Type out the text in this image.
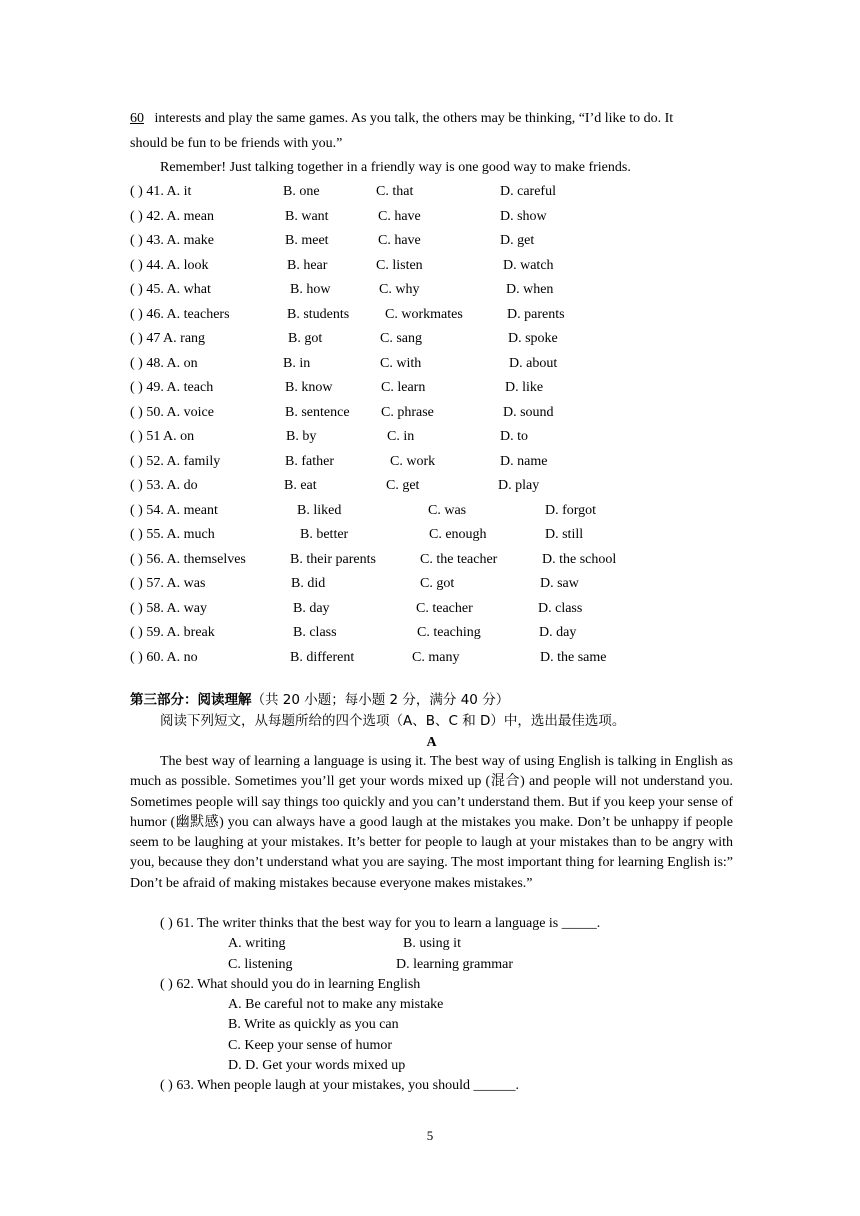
60 interests and play the same games. As you talk, the others may be thinking, “I’d like to do. It
should be fun to be friends with you.”
Remember! Just talking together in a friendly way is one good way to make friends.
( ) 41. A. it	B. one	C. that	D. careful
( ) 42. A. mean	B. want	C. have	D. show
( ) 43. A. make	B. meet	C. have	D. get
( ) 44. A. look	B. hear	C. listen	D. watch
( ) 45. A. what	B. how	C. why	D. when
( ) 46. A. teachers	B. students	C. workmates	D. parents
( ) 47 A. rang	B. got	C. sang	D. spoke
( ) 48. A. on	B. in	C. with	D. about
( ) 49. A. teach	B. know	C. learn	D. like
( ) 50. A. voice	B. sentence C. phrase	D. sound
( ) 51 A. on	B. by	C. in	D. to
( ) 52. A. family	B. father	C. work	D. name
( ) 53. A. do	B. eat	C. get	D. play
( ) 54. A. meant	B. liked	C. was	D. forgot
( ) 55. A. much	B. better	C. enough	D. still
( ) 56. A. themselves	B. their parents	C. the teacher	D. the school
( ) 57. A. was	B. did	C. got	D. saw
( ) 58. A. way	B. day	C. teacher	D. class
( ) 59. A. break	B. class	C. teaching	D. day
( ) 60. A. no	B. different	C. many	D. the same
第三部分：阅读理解（共 20 小题；每小题 2 分，满分 40 分）
阅读下列短文，从每题所给的四个选项（A、B、C 和 D）中，选出最佳选项。
A
The best way of learning a language is using it. The best way of using English is talking in English as much as possible. Sometimes you’ll get your words mixed up (混合) and people will not understand you. Sometimes people will say things too quickly and you can’t understand them. But if you keep your sense of humor (幽默感) you can always have a good laugh at the mistakes you make. Don’t be unhappy if people seem to be laughing at your mistakes. It’s better for people to laugh at your mistakes than to be angry with you, because they don’t understand what you are saying. The most important thing for learning English is:” Don’t be afraid of making mistakes because everyone makes mistakes.”
( ) 61. The writer thinks that the best way for you to learn a language is _____.
A. writing	B. using it
C. listening	D. learning grammar
( ) 62. What should you do in learning English
A. Be careful not to make any mistake
B. Write as quickly as you can
C. Keep your sense of humor
D. D. Get your words mixed up
( ) 63. When people laugh at your mistakes, you should ______.
5
